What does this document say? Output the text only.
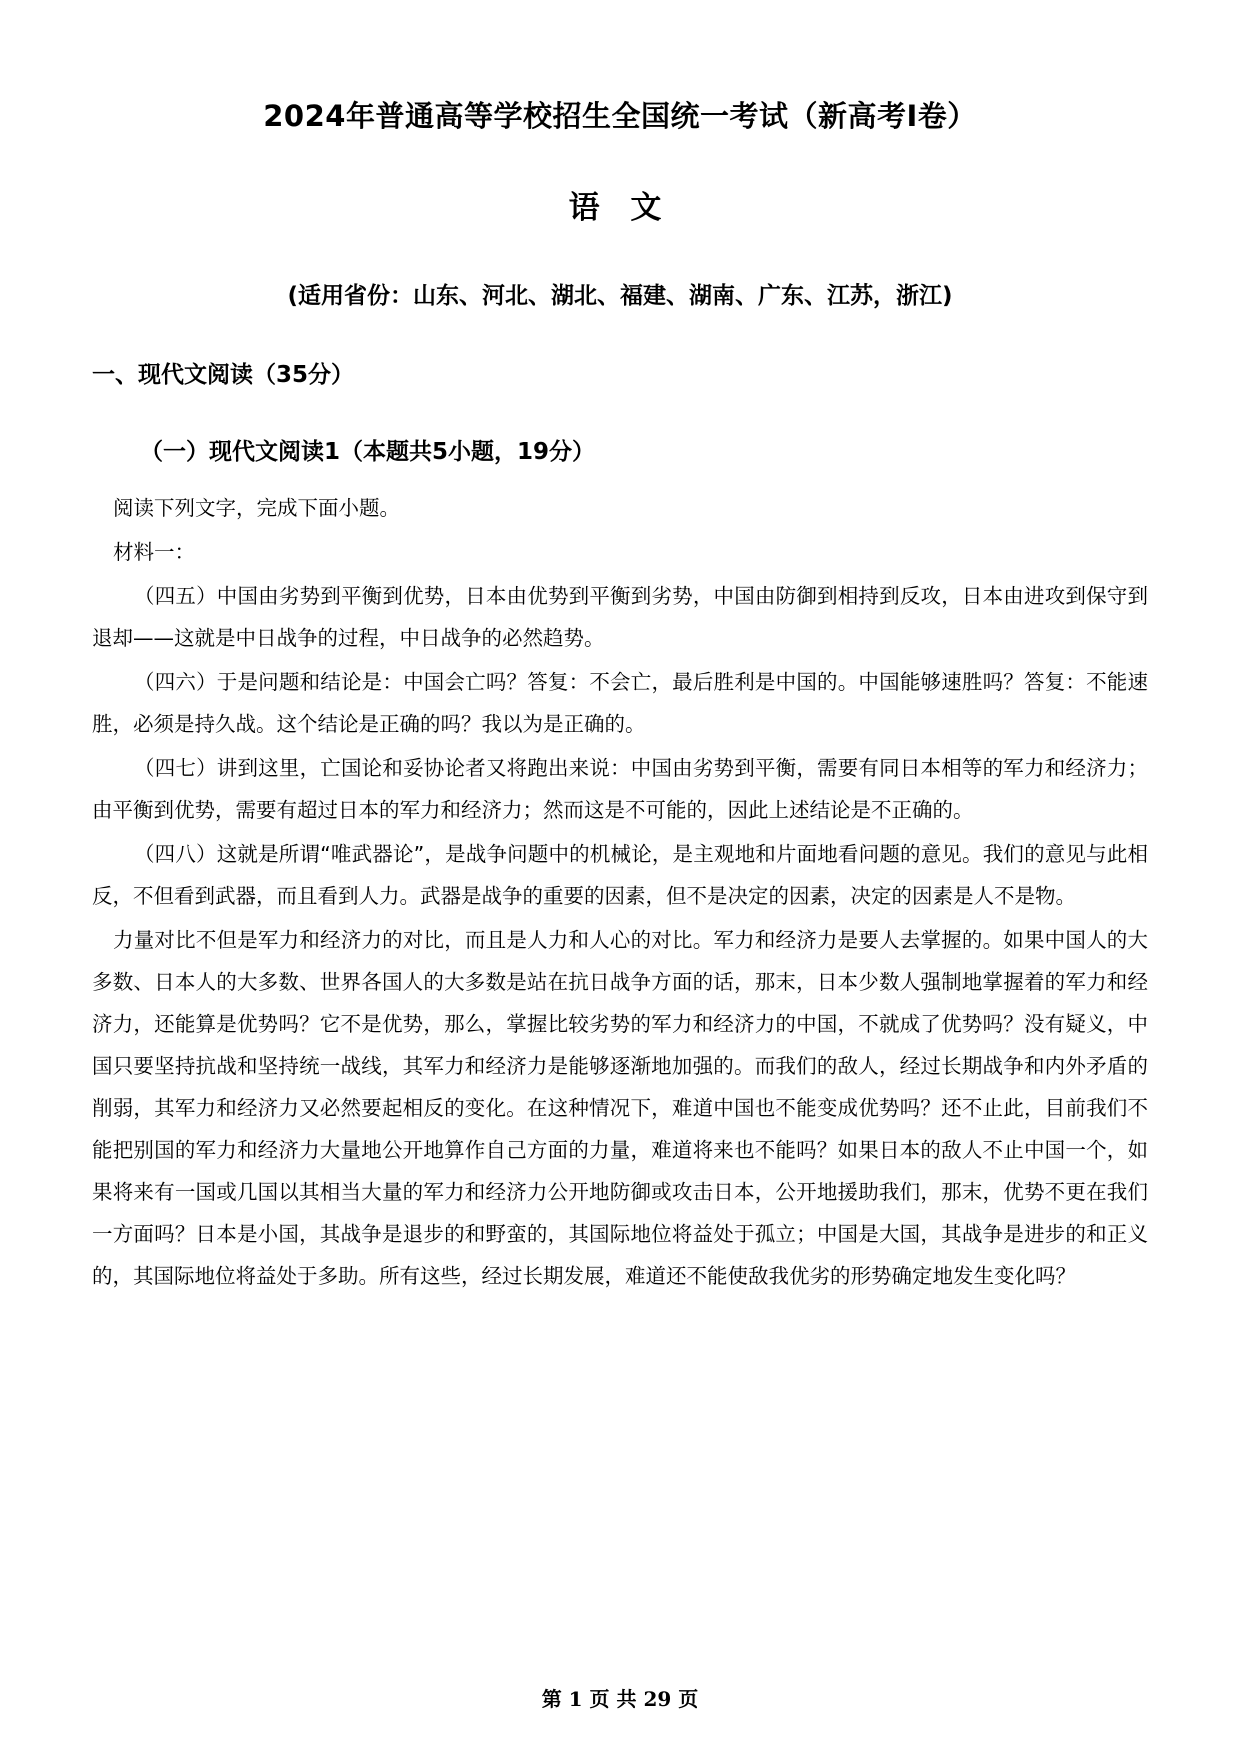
2024年普通高等学校招生全国统一考试（新高考Ⅰ卷）
语 文
(适用省份：山东、河北、湖北、福建、湖南、广东、江苏，浙江)
一、现代文阅读（35分）
（一）现代文阅读1（本题共5小题，19分）

阅读下列文字，完成下面小题。

材料一：

（四五）中国由劣势到平衡到优势，日本由优势到平衡到劣势，中国由防御到相持到反攻，日本由进攻到保守到退却——这就是中日战争的过程，中日战争的必然趋势。

（四六）于是问题和结论是：中国会亡吗？答复：不会亡，最后胜利是中国的。中国能够速胜吗？答复：不能速胜，必须是持久战。这个结论是正确的吗？我以为是正确的。

（四七）讲到这里，亡国论和妥协论者又将跑出来说：中国由劣势到平衡，需要有同日本相等的军力和经济力；由平衡到优势，需要有超过日本的军力和经济力；然而这是不可能的，因此上述结论是不正确的。

（四八）这就是所谓“唯武器论”，是战争问题中的机械论，是主观地和片面地看问题的意见。我们的意见与此相反，不但看到武器，而且看到人力。武器是战争的重要的因素，但不是决定的因素，决定的因素是人不是物。

力量对比不但是军力和经济力的对比，而且是人力和人心的对比。军力和经济力是要人去掌握的。如果中国人的大多数、日本人的大多数、世界各国人的大多数是站在抗日战争方面的话，那末，日本少数人强制地掌握着的军力和经济力，还能算是优势吗？它不是优势，那么，掌握比较劣势的军力和经济力的中国，不就成了优势吗？没有疑义，中国只要坚持抗战和坚持统一战线，其军力和经济力是能够逐渐地加强的。而我们的敌人，经过长期战争和内外矛盾的削弱，其军力和经济力又必然要起相反的变化。在这种情况下，难道中国也不能变成优势吗？还不止此，目前我们不能把别国的军力和经济力大量地公开地算作自己方面的力量，难道将来也不能吗？如果日本的敌人不止中国一个，如果将来有一国或几国以其相当大量的军力和经济力公开地防御或攻击日本，公开地援助我们，那末，优势不更在我们一方面吗？日本是小国，其战争是退步的和野蛮的，其国际地位将益处于孤立；中国是大国，其战争是进步的和正义的，其国际地位将益处于多助。所有这些，经过长期发展，难道还不能使敌我优劣的形势确定地发生变化吗？

第 1 页 共 29 页
